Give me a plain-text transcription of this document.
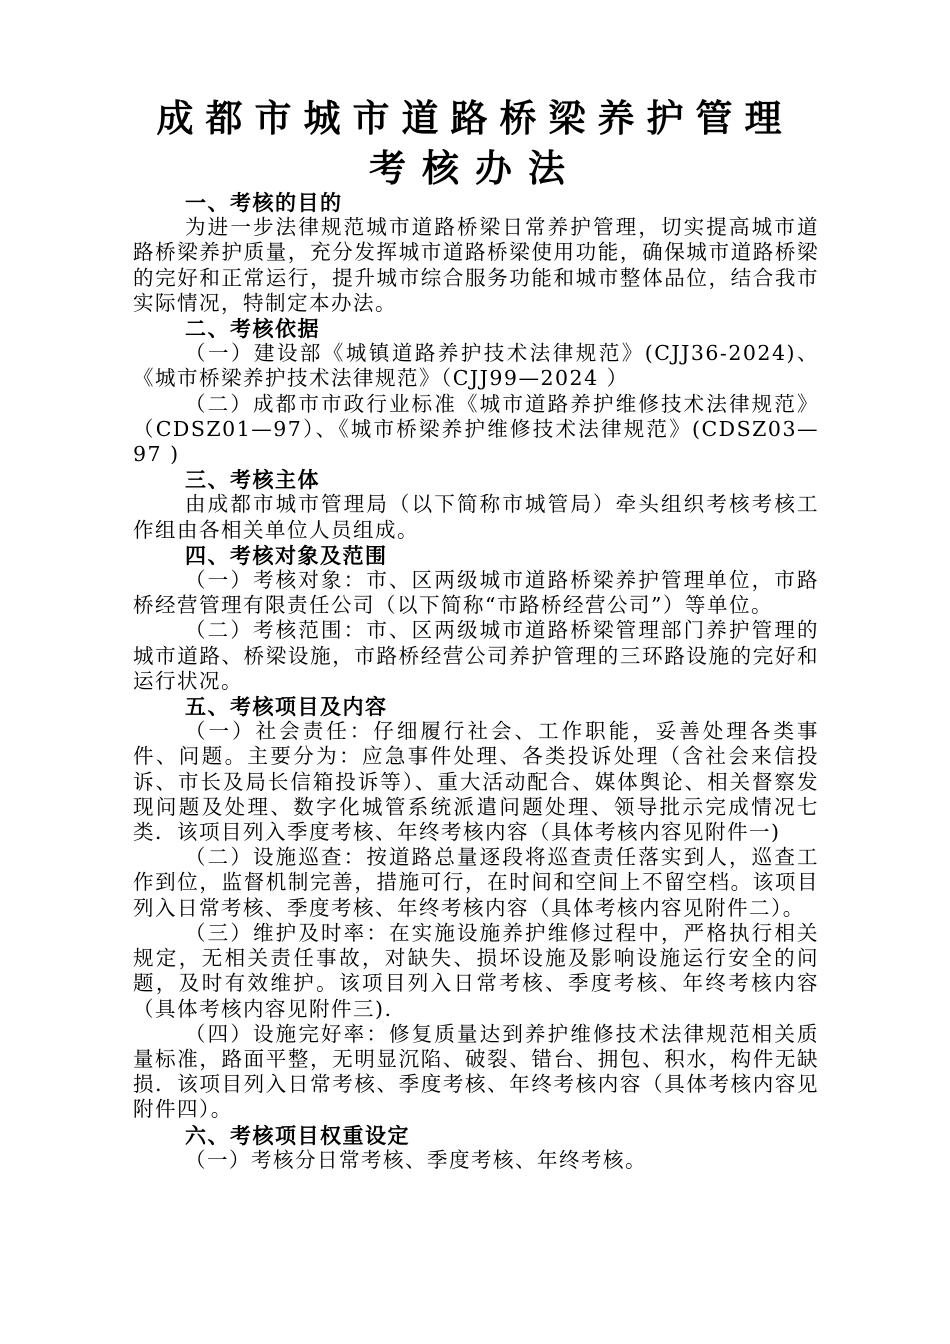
成都市城市道路桥梁养护管理
考核办法
一、考核的目的
为进一步法律规范城市道路桥梁日常养护管理，切实提高城市道路桥梁养护质量，充分发挥城市道路桥梁使用功能，确保城市道路桥梁的完好和正常运行，提升城市综合服务功能和城市整体品位，结合我市实际情况，特制定本办法。
二、考核依据
（一）建设部《城镇道路养护技术法律规范》(CJJ36-2024)、《城市桥梁养护技术法律规范》（CJJ99—2024 ）
（二）成都市市政行业标准《城市道路养护维修技术法律规范》（CDSZ01—97）、《城市桥梁养护维修技术法律规范》(CDSZ03—97 )
三、考核主体
由成都市城市管理局（以下简称市城管局）牵头组织考核考核工作组由各相关单位人员组成。
四、考核对象及范围
（一）考核对象：市、区两级城市道路桥梁养护管理单位，市路桥经营管理有限责任公司（以下简称“市路桥经营公司”）等单位。
（二）考核范围：市、区两级城市道路桥梁管理部门养护管理的城市道路、桥梁设施，市路桥经营公司养护管理的三环路设施的完好和运行状况。
五、考核项目及内容
（一）社会责任：仔细履行社会、工作职能，妥善处理各类事件、问题。主要分为：应急事件处理、各类投诉处理（含社会来信投诉、市长及局长信箱投诉等）、重大活动配合、媒体舆论、相关督察发现问题及处理、数字化城管系统派遣问题处理、领导批示完成情况七类．该项目列入季度考核、年终考核内容（具体考核内容见附件一)
（二）设施巡查：按道路总量逐段将巡查责任落实到人，巡查工作到位，监督机制完善，措施可行，在时间和空间上不留空档。该项目列入日常考核、季度考核、年终考核内容（具体考核内容见附件二）。
（三）维护及时率：在实施设施养护维修过程中，严格执行相关规定，无相关责任事故，对缺失、损坏设施及影响设施运行安全的问题，及时有效维护。该项目列入日常考核、季度考核、年终考核内容（具体考核内容见附件三).
（四）设施完好率：修复质量达到养护维修技术法律规范相关质量标准，路面平整，无明显沉陷、破裂、错台、拥包、积水，构件无缺损．该项目列入日常考核、季度考核、年终考核内容（具体考核内容见附件四）。
六、考核项目权重设定
（一）考核分日常考核、季度考核、年终考核。
